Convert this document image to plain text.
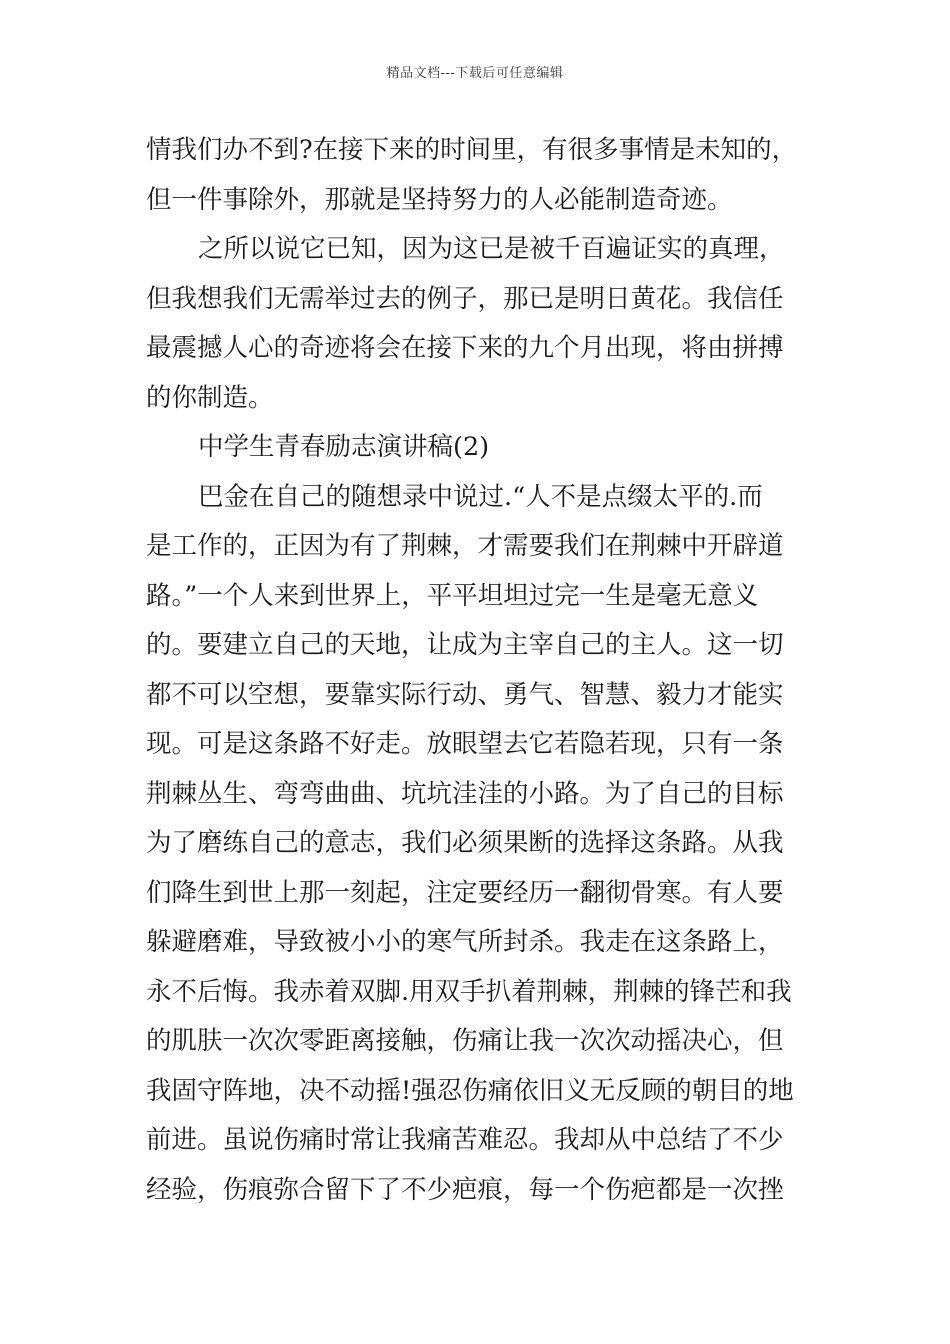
精品文档---下载后可任意编辑
情我们办不到?在接下来的时间里，有很多事情是未知的，
但一件事除外，那就是坚持努力的人必能制造奇迹。
之所以说它已知，因为这已是被千百遍证实的真理，
但我想我们无需举过去的例子，那已是明日黄花。我信任
最震撼人心的奇迹将会在接下来的九个月出现，将由拼搏
的你制造。
中学生青春励志演讲稿(2)
巴金在自己的随想录中说过.“人不是点缀太平的.而
是工作的，正因为有了荆棘，才需要我们在荆棘中开辟道
路。”一个人来到世界上，平平坦坦过完一生是毫无意义
的。要建立自己的天地，让成为主宰自己的主人。这一切
都不可以空想，要靠实际行动、勇气、智慧、毅力才能实
现。可是这条路不好走。放眼望去它若隐若现，只有一条
荆棘丛生、弯弯曲曲、坑坑洼洼的小路。为了自己的目标
为了磨练自己的意志，我们必须果断的选择这条路。从我
们降生到世上那一刻起，注定要经历一翻彻骨寒。有人要
躲避磨难，导致被小小的寒气所封杀。我走在这条路上，
永不后悔。我赤着双脚.用双手扒着荆棘，荆棘的锋芒和我
的肌肤一次次零距离接触，伤痛让我一次次动摇决心，但
我固守阵地，决不动摇!强忍伤痛依旧义无反顾的朝目的地
前进。虽说伤痛时常让我痛苦难忍。我却从中总结了不少
经验，伤痕弥合留下了不少疤痕，每一个伤疤都是一次挫
